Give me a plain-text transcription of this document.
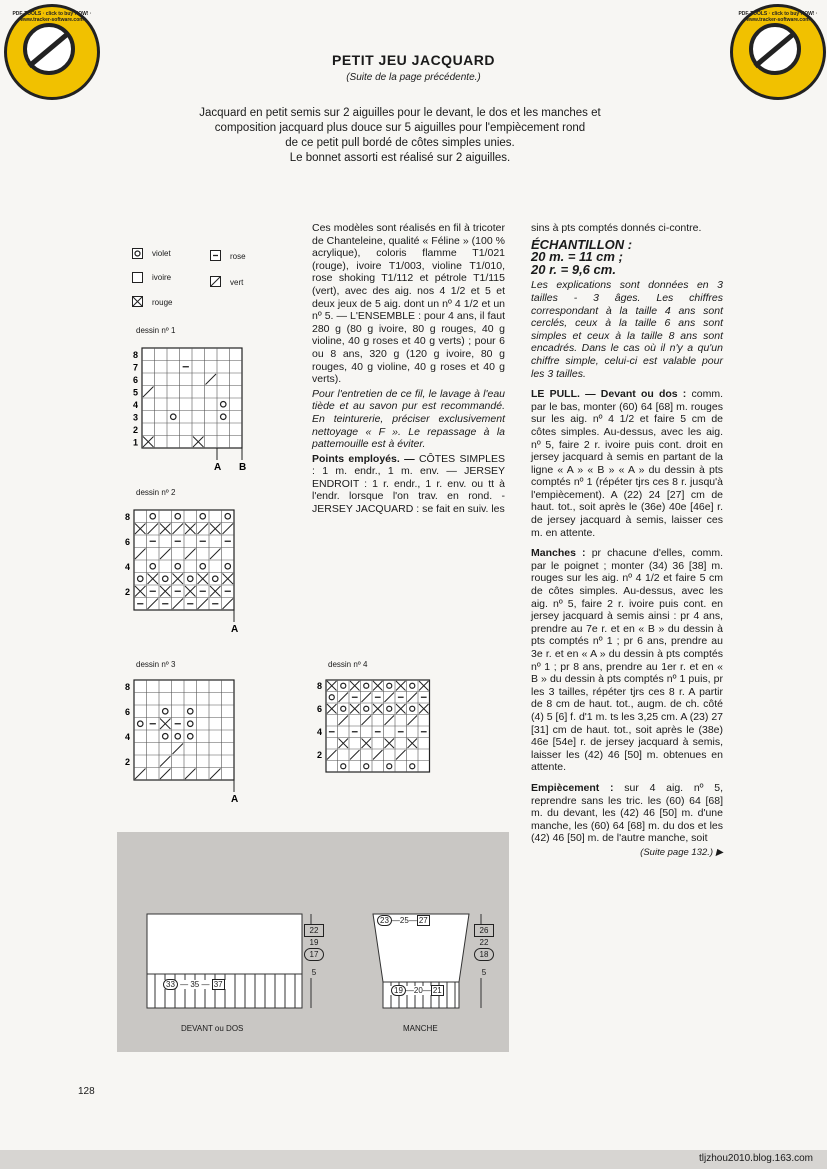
PDF-TOOLS · click to buy NOW! · www.tracker-software.com
PDF-TOOLS · click to buy NOW! · www.tracker-software.com
PETIT JEU JACQUARD
(Suite de la page précédente.)
Jacquard en petit semis sur 2 aiguilles pour le devant, le dos et les manches et
composition jacquard plus douce sur 5 aiguilles pour l'empiècement rond
de ce petit pull bordé de côtes simples unies.
Le bonnet assorti est réalisé sur 2 aiguilles.
violet
ivoire
rouge
rose
vert
dessin nº 1
8
7
6
5
4
3
2
1
A B
dessin nº 2
8
6
4
2
A
dessin nº 3
8
6
4
2
A
dessin nº 4
8
6
4
2
33 — 35 — 37
22
19
17
5
23 —25— 27
19 —20— 21
26
22
18
5
DEVANT ou DOS	MANCHE

Ces modèles sont réalisés en fil à tricoter de Chanteleine, qualité « Féline » (100 % acrylique), coloris flamme T1/021 (rouge), ivoire T1/003, violine T1/010, rose shoking T1/112 et pétrole T1/115 (vert), avec des aig. nos 4 1/2 et 5 et deux jeux de 5 aig. dont un nº 4 1/2 et un nº 5. — L'ENSEMBLE : pour 4 ans, il faut 280 g (80 g ivoire, 80 g rouges, 40 g violine, 40 g roses et 40 g verts) ; pour 6 ou 8 ans, 320 g (120 g ivoire, 80 g rouges, 40 g violine, 40 g roses et 40 g verts).

Pour l'entretien de ce fil, le lavage à l'eau tiède et au savon pur est recommandé. En teinturerie, préciser exclusivement nettoyage « F ». Le repassage à la pattemouille est à éviter.

Points employés. — CÔTES SIMPLES : 1 m. endr., 1 m. env. — JERSEY ENDROIT : 1 r. endr., 1 r. env. ou tt à l'endr. lorsque l'on trav. en rond. - JERSEY JACQUARD : se fait en suiv. les

sins à pts comptés donnés ci-contre.

ÉCHANTILLON :
20 m. = 11 cm ;
20 r. = 9,6 cm.

Les explications sont données en 3 tailles - 3 âges. Les chiffres correspondant à la taille 4 ans sont cerclés, ceux à la taille 6 ans sont simples et ceux à la taille 8 ans sont encadrés. Dans le cas où il n'y a qu'un chiffre simple, celui-ci est valable pour les 3 tailles.

LE PULL. — Devant ou dos : comm. par le bas, monter (60) 64 [68] m. rouges sur les aig. nº 4 1/2 et faire 5 cm de côtes simples. Au-dessus, avec les aig. nº 5, faire 2 r. ivoire puis cont. droit en jersey jacquard à semis en partant de la ligne « A » « B » « A » du dessin à pts comptés nº 1 (répéter tjrs ces 8 r. jusqu'à l'empiècement). A (22) 24 [27] cm de haut. tot., soit après le (36e) 40e [46e] r. de jersey jacquard à semis, laisser ces m. en attente.

Manches : pr chacune d'elles, comm. par le poignet ; monter (34) 36 [38] m. rouges sur les aig. nº 4 1/2 et faire 5 cm de côtes simples. Au-dessus, avec les aig. nº 5, faire 2 r. ivoire puis cont. en jersey jacquard à semis ainsi : pr 4 ans, prendre au 7e r. et en « B » du dessin à pts comptés nº 1 ; pr 6 ans, prendre au 3e r. et en « A » du dessin à pts comptés nº 1 ; pr 8 ans, prendre au 1er r. et en « B » du dessin à pts comptés nº 1 puis, pr les 3 tailles, répéter tjrs ces 8 r. A partir de 8 cm de haut. tot., augm. de ch. côté (4) 5 [6] f. d'1 m. ts les 3,25 cm. A (23) 27 [31] cm de haut. tot., soit après le (38e) 46e [54e] r. de jersey jacquard à semis, laisser les (42) 46 [50] m. obtenues en attente.

Empiècement : sur 4 aig. nº 5, reprendre sans les tric. les (60) 64 [68] m. du devant, les (42) 46 [50] m. d'une manche, les (60) 64 [68] m. du dos et les (42) 46 [50] m. de l'autre manche, soit

(Suite page 132.) ▶
128
tljzhou2010.blog.163.com
